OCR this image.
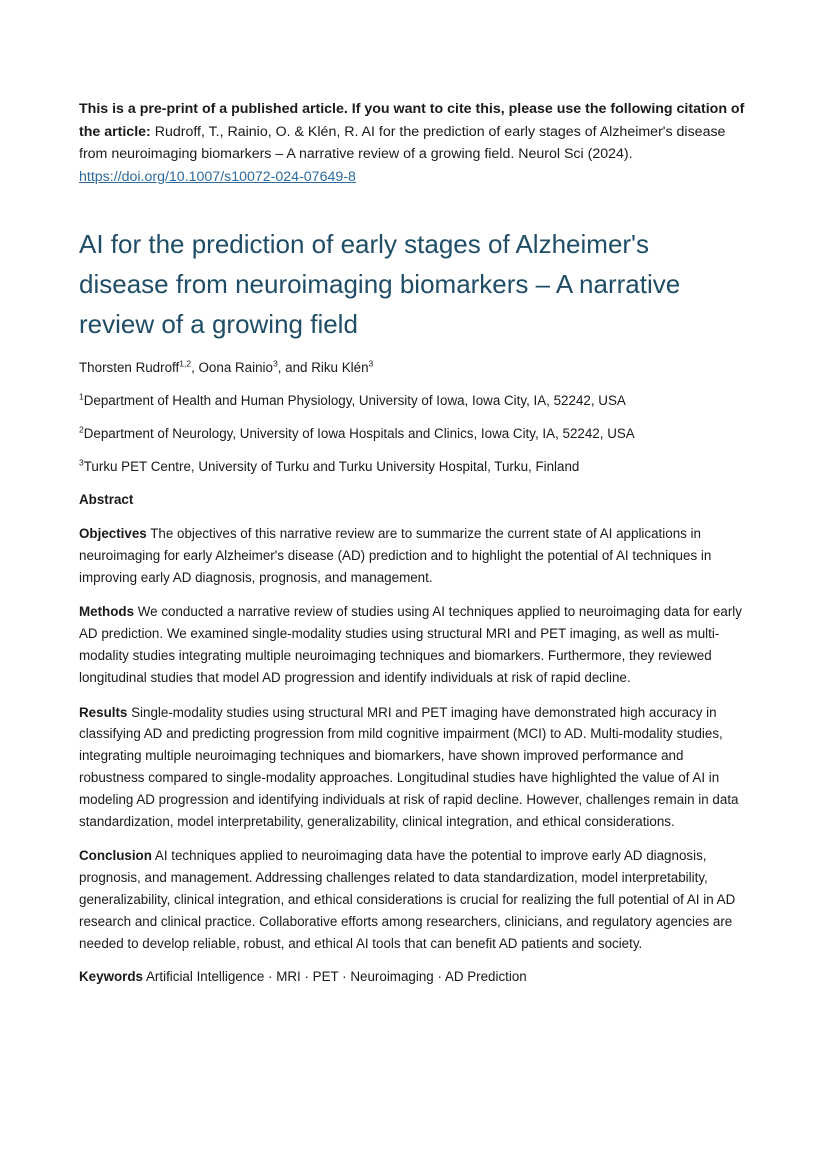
This is a pre-print of a published article. If you want to cite this, please use the following citation of the article: Rudroff, T., Rainio, O. & Klén, R. AI for the prediction of early stages of Alzheimer's disease from neuroimaging biomarkers – A narrative review of a growing field. Neurol Sci (2024). https://doi.org/10.1007/s10072-024-07649-8

AI for the prediction of early stages of Alzheimer's disease from neuroimaging biomarkers – A narrative review of a growing field

Thorsten Rudroff$^{1,2}$, Oona Rainio$^3$, and Riku Klén$^3$

$^1$Department of Health and Human Physiology, University of Iowa, Iowa City, IA, 52242, USA

$^2$Department of Neurology, University of Iowa Hospitals and Clinics, Iowa City, IA, 52242, USA

$^3$Turku PET Centre, University of Turku and Turku University Hospital, Turku, Finland

Abstract

Objectives The objectives of this narrative review are to summarize the current state of AI applications in neuroimaging for early Alzheimer's disease (AD) prediction and to highlight the potential of AI techniques in improving early AD diagnosis, prognosis, and management.

Methods We conducted a narrative review of studies using AI techniques applied to neuroimaging data for early AD prediction. We examined single-modality studies using structural MRI and PET imaging, as well as multi-modality studies integrating multiple neuroimaging techniques and biomarkers. Furthermore, they reviewed longitudinal studies that model AD progression and identify individuals at risk of rapid decline.

Results Single-modality studies using structural MRI and PET imaging have demonstrated high accuracy in classifying AD and predicting progression from mild cognitive impairment (MCI) to AD. Multi-modality studies, integrating multiple neuroimaging techniques and biomarkers, have shown improved performance and robustness compared to single-modality approaches. Longitudinal studies have highlighted the value of AI in modeling AD progression and identifying individuals at risk of rapid decline. However, challenges remain in data standardization, model interpretability, generalizability, clinical integration, and ethical considerations.

Conclusion AI techniques applied to neuroimaging data have the potential to improve early AD diagnosis, prognosis, and management. Addressing challenges related to data standardization, model interpretability, generalizability, clinical integration, and ethical considerations is crucial for realizing the full potential of AI in AD research and clinical practice. Collaborative efforts among researchers, clinicians, and regulatory agencies are needed to develop reliable, robust, and ethical AI tools that can benefit AD patients and society.

Keywords Artificial Intelligence · MRI · PET · Neuroimaging · AD Prediction
